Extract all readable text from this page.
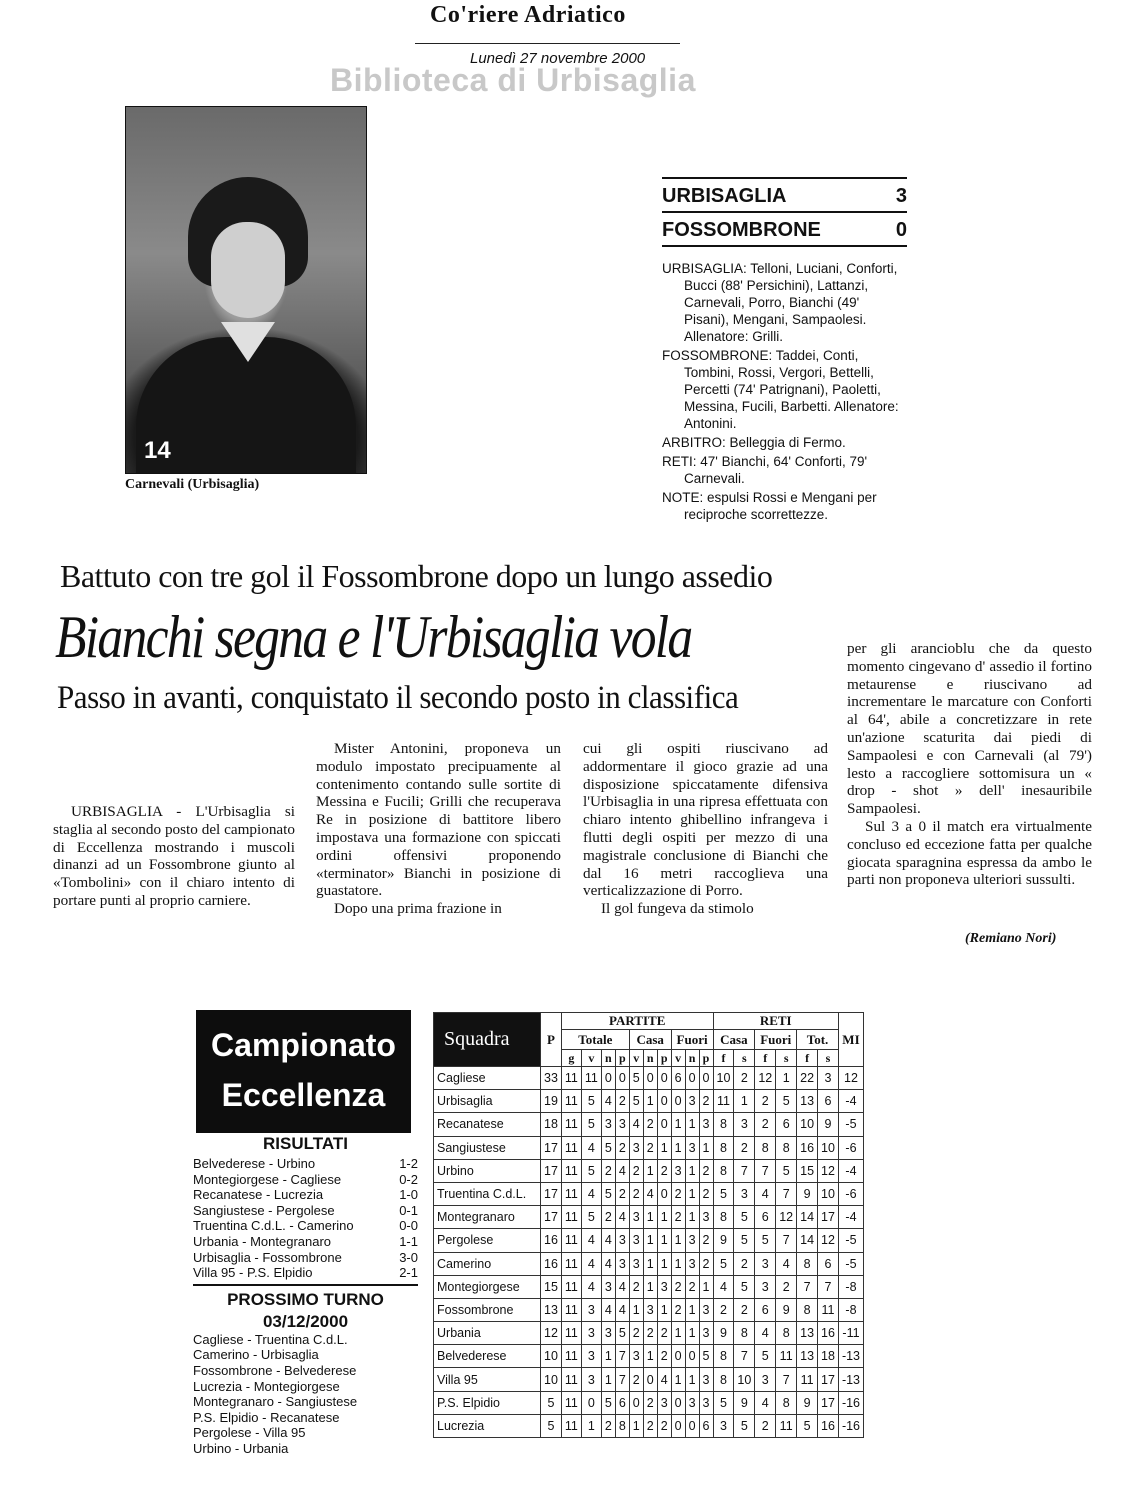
Co'riere Adriatico
Lunedì 27 novembre 2000
Biblioteca di Urbisaglia
14
Carnevali (Urbisaglia)
URBISAGLIA	3
FOSSOMBRONE	0

URBISAGLIA: Telloni, Luciani, Conforti, Bucci (88' Persichini), Lattanzi, Carnevali, Porro, Bianchi (49' Pisani), Mengani, Sampaolesi. Allenatore: Grilli.

FOSSOMBRONE: Taddei, Conti, Tombini, Rossi, Vergori, Bettelli, Percetti (74' Patrignani), Paoletti, Messina, Fucili, Barbetti. Allenatore: Antonini.

ARBITRO: Belleggia di Fermo.

RETI: 47' Bianchi, 64' Conforti, 79' Carnevali.

NOTE: espulsi Rossi e Mengani per reciproche scorrettezze.

Battuto con tre gol il Fossombrone dopo un lungo assedio
Bianchi segna e l'Urbisaglia vola
Passo in avanti, conquistato il secondo posto in classifica

URBISAGLIA - L'Urbisaglia si staglia al secondo posto del campionato di Eccellenza mostrando i muscoli dinanzi ad un Fossombrone giunto al «Tombolini» con il chiaro intento di portare punti al proprio carniere.

Mister Antonini, proponeva un modulo impostato precipuamente al contenimento contando sulle sortite di Messina e Fucili; Grilli che recuperava Re in posizione di battitore libero impostava una formazione con spiccati ordini offensivi proponendo «terminator» Bianchi in posizione di guastatore.

Dopo una prima frazione in

cui gli ospiti riuscivano ad addormentare il gioco grazie ad una disposizione spiccatamente difensiva l'Urbisaglia in una ripresa effettuata con chiaro intento ghibellino infrangeva i flutti degli ospiti per mezzo di una magistrale conclusione di Bianchi che dal 16 metri raccoglieva una verticalizzazione di Porro.

Il gol fungeva da stimolo

per gli arancioblu che da questo momento cingevano d' assedio il fortino metaurense e riuscivano ad incrementare le marcature con Conforti al 64', abile a concretizzare in rete un'azione scaturita dai piedi di Sampaolesi e con Carnevali (al 79') lesto a raccogliere sottomisura un « drop - shot » dell' inesauribile Sampaolesi.

Sul 3 a 0 il match era virtualmente concluso ed eccezione fatta per qualche giocata sparagnina espressa da ambo le parti non proponeva ulteriori sussulti.

(Remiano Nori)
Campionato
Eccellenza
RISULTATI
Belvederese - Urbino	1-2
Montegiorgese - Cagliese	0-2
Recanatese - Lucrezia	1-0
Sangiustese - Pergolese	0-1
Truentina C.d.L. - Camerino	0-0
Urbania - Montegranaro	1-1
Urbisaglia - Fossombrone	3-0
Villa 95 - P.S. Elpidio	2-1
PROSSIMO TURNO
03/12/2000
Cagliese - Truentina C.d.L.
Camerino - Urbisaglia
Fossombrone - Belvederese
Lucrezia - Montegiorgese
Montegranaro - Sangiustese
P.S. Elpidio - Recanatese
Pergolese - Villa 95
Urbino - Urbania
Squadra	P	PARTITE										RETI						MI
		Totale				Casa			Fuori			Casa		Fuori		Tot.		
		g	v	n	p	v	n	p	v	n	p	f	s	f	s	f	s	
Cagliese	33	11	11	0	0	5	0	0	6	0	0	10	2	12	1	22	3	12
Urbisaglia	19	11	5	4	2	5	1	0	0	3	2	11	1	2	5	13	6	-4
Recanatese	18	11	5	3	3	4	2	0	1	1	3	8	3	2	6	10	9	-5
Sangiustese	17	11	4	5	2	3	2	1	1	3	1	8	2	8	8	16	10	-6
Urbino	17	11	5	2	4	2	1	2	3	1	2	8	7	7	5	15	12	-4
Truentina C.d.L.	17	11	4	5	2	2	4	0	2	1	2	5	3	4	7	9	10	-6
Montegranaro	17	11	5	2	4	3	1	1	2	1	3	8	5	6	12	14	17	-4
Pergolese	16	11	4	4	3	3	1	1	1	3	2	9	5	5	7	14	12	-5
Camerino	16	11	4	4	3	3	1	1	1	3	2	5	2	3	4	8	6	-5
Montegiorgese	15	11	4	3	4	2	1	3	2	2	1	4	5	3	2	7	7	-8
Fossombrone	13	11	3	4	4	1	3	1	2	1	3	2	2	6	9	8	11	-8
Urbania	12	11	3	3	5	2	2	2	1	1	3	9	8	4	8	13	16	-11
Belvederese	10	11	3	1	7	3	1	2	0	0	5	8	7	5	11	13	18	-13
Villa 95	10	11	3	1	7	2	0	4	1	1	3	8	10	3	7	11	17	-13
P.S. Elpidio	5	11	0	5	6	0	2	3	0	3	3	5	9	4	8	9	17	-16
Lucrezia	5	11	1	2	8	1	2	2	0	0	6	3	5	2	11	5	16	-16
